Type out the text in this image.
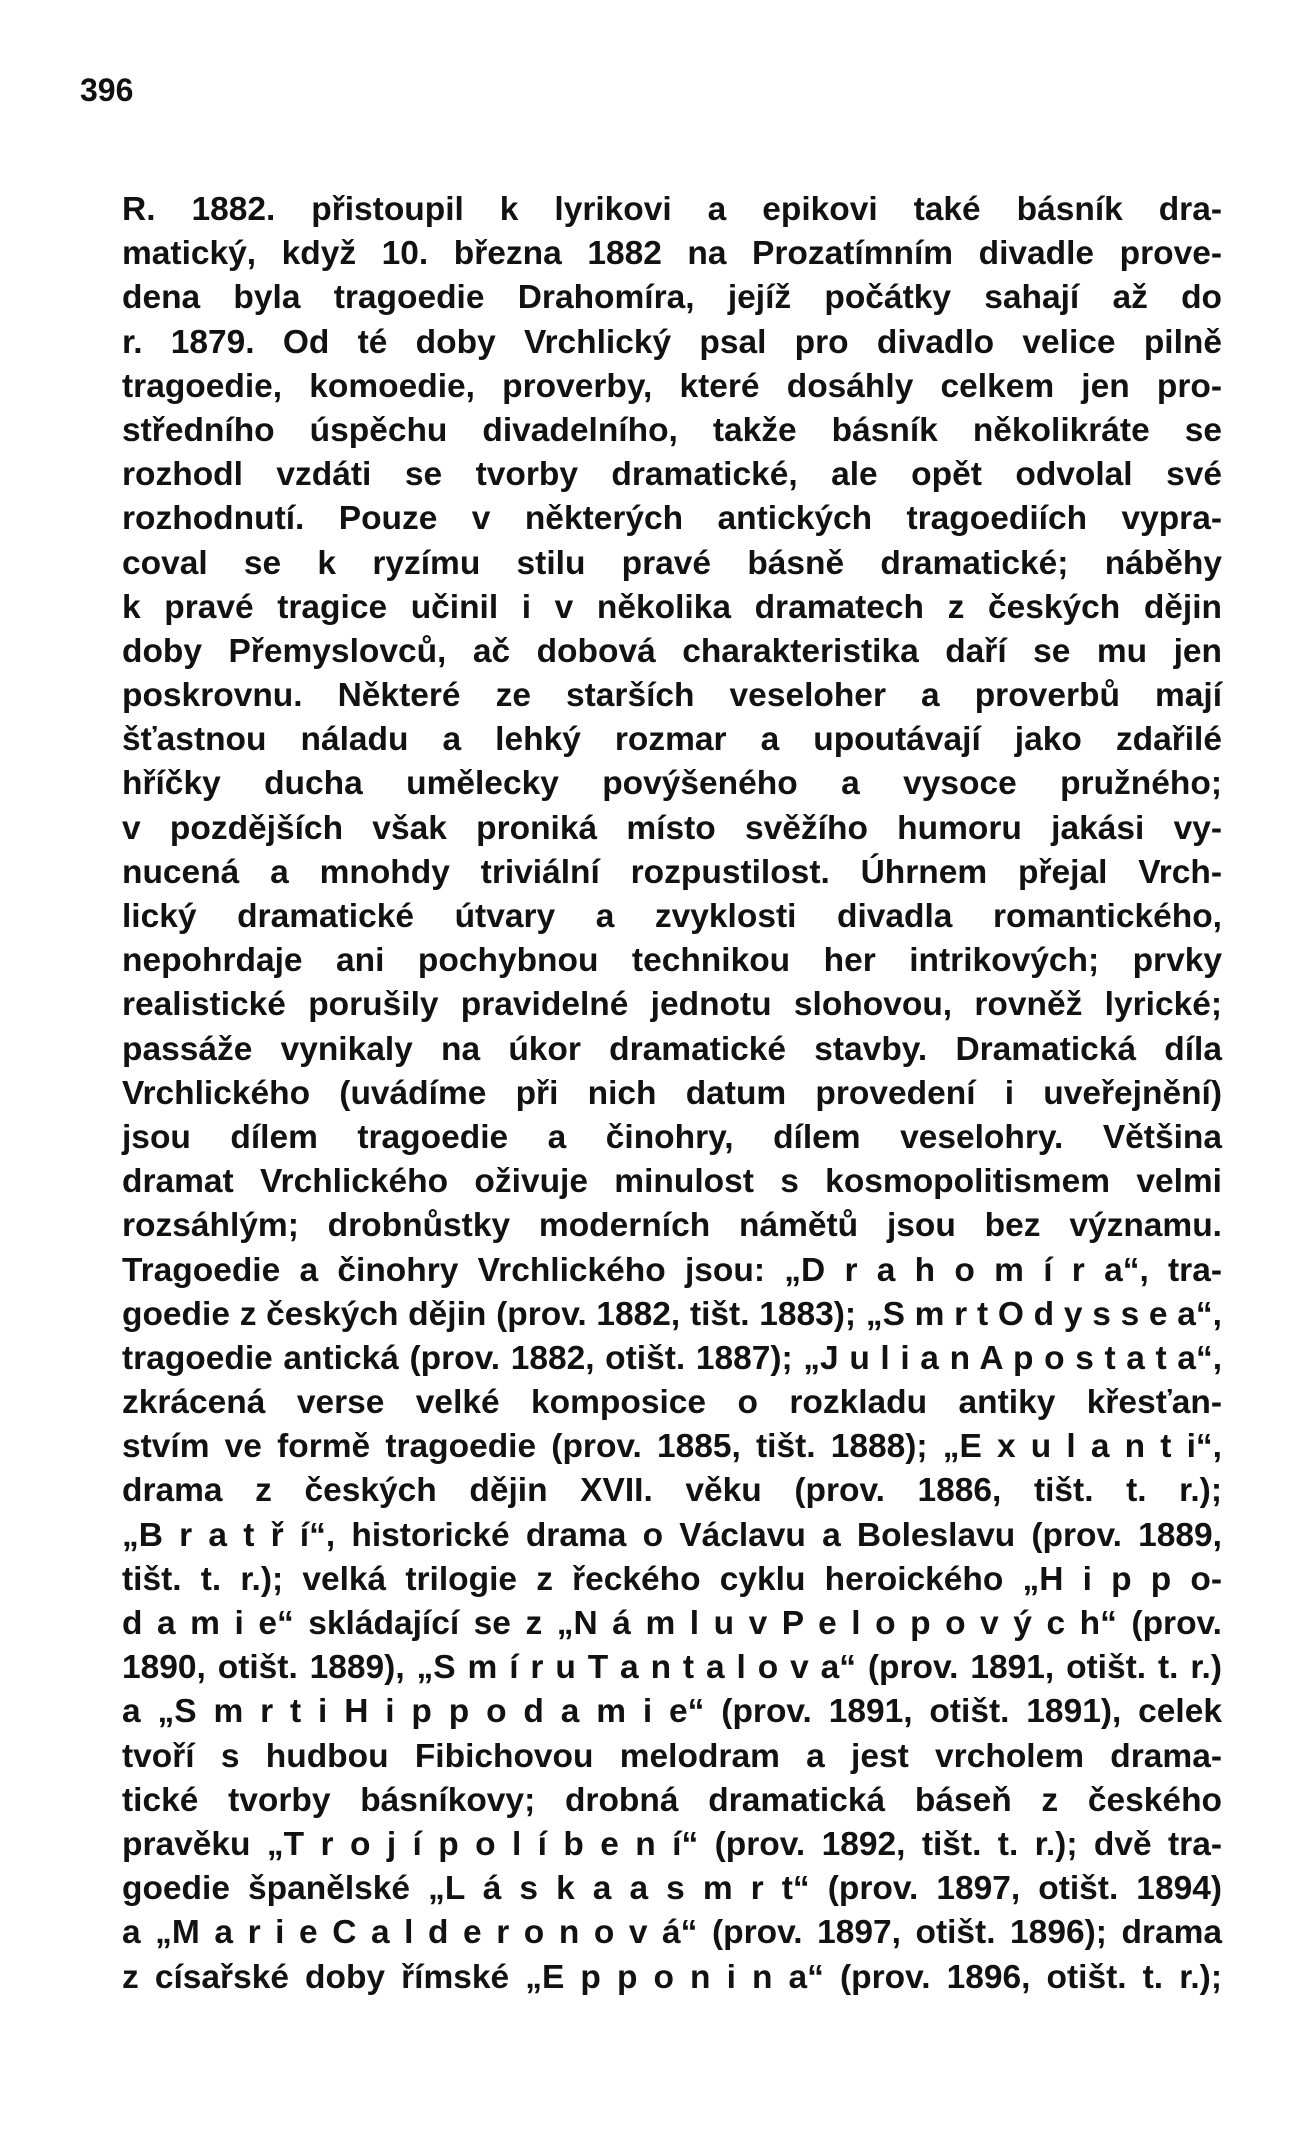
396
R. 1882. přistoupil k lyrikovi a epikovi také básník dra-
matický, když 10. března 1882 na Prozatímním divadle prove-
dena byla tragoedie Drahomíra, jejíž počátky sahají až do
r. 1879. Od té doby Vrchlický psal pro divadlo velice pilně
tragoedie, komoedie, proverby, které dosáhly celkem jen pro-
středního úspěchu divadelního, takže básník několikráte se
rozhodl vzdáti se tvorby dramatické, ale opět odvolal své
rozhodnutí. Pouze v některých antických tragoediích vypra-
coval se k ryzímu stilu pravé básně dramatické; náběhy
k pravé tragice učinil i v několika dramatech z českých dějin
doby Přemyslovců, ač dobová charakteristika daří se mu jen
poskrovnu. Některé ze starších veseloher a proverbů mají
šťastnou náladu a lehký rozmar a upoutávají jako zdařilé
hříčky ducha umělecky povýšeného a vysoce pružného;
v pozdějších však proniká místo svěžího humoru jakási vy-
nucená a mnohdy triviální rozpustilost. Úhrnem přejal Vrch-
lický dramatické útvary a zvyklosti divadla romantického,
nepohrdaje ani pochybnou technikou her intrikových; prvky
realistické porušily pravidelné jednotu slohovou, rovněž lyrické;
passáže vynikaly na úkor dramatické stavby. Dramatická díla
Vrchlického (uvádíme při nich datum provedení i uveřejnění)
jsou dílem tragoedie a činohry, dílem veselohry. Většina
dramat Vrchlického oživuje minulost s kosmopolitismem velmi
rozsáhlým; drobnůstky moderních námětů jsou bez významu.
Tragoedie a činohry Vrchlického jsou: „D r a h o m í r a“, tra-
goedie z českých dějin (prov. 1882, tišt. 1883); „S m r t O d y s s e a“,
tragoedie antická (prov. 1882, otišt. 1887); „J u l i a n A p o s t a t a“,
zkrácená verse velké komposice o rozkladu antiky křesťan-
stvím ve formě tragoedie (prov. 1885, tišt. 1888); „E x u l a n t i“,
drama z českých dějin XVII. věku (prov. 1886, tišt. t. r.);
„B r a t ř í“, historické drama o Václavu a Boleslavu (prov. 1889,
tišt. t. r.); velká trilogie z řeckého cyklu heroického „H i p p o-
d a m i e“ skládající se z „N á m l u v P e l o p o v ý c h“ (prov.
1890, otišt. 1889), „S m í r u T a n t a l o v a“ (prov. 1891, otišt. t. r.)
a „S m r t i H i p p o d a m i e“ (prov. 1891, otišt. 1891), celek
tvoří s hudbou Fibichovou melodram a jest vrcholem drama-
tické tvorby básníkovy; drobná dramatická báseň z českého
pravěku „T r o j í p o l í b e n í“ (prov. 1892, tišt. t. r.); dvě tra-
goedie španělské „L á s k a a s m r t“ (prov. 1897, otišt. 1894)
a „M a r i e C a l d e r o n o v á“ (prov. 1897, otišt. 1896); drama
z císařské doby římské „E p p o n i n a“ (prov. 1896, otišt. t. r.);
